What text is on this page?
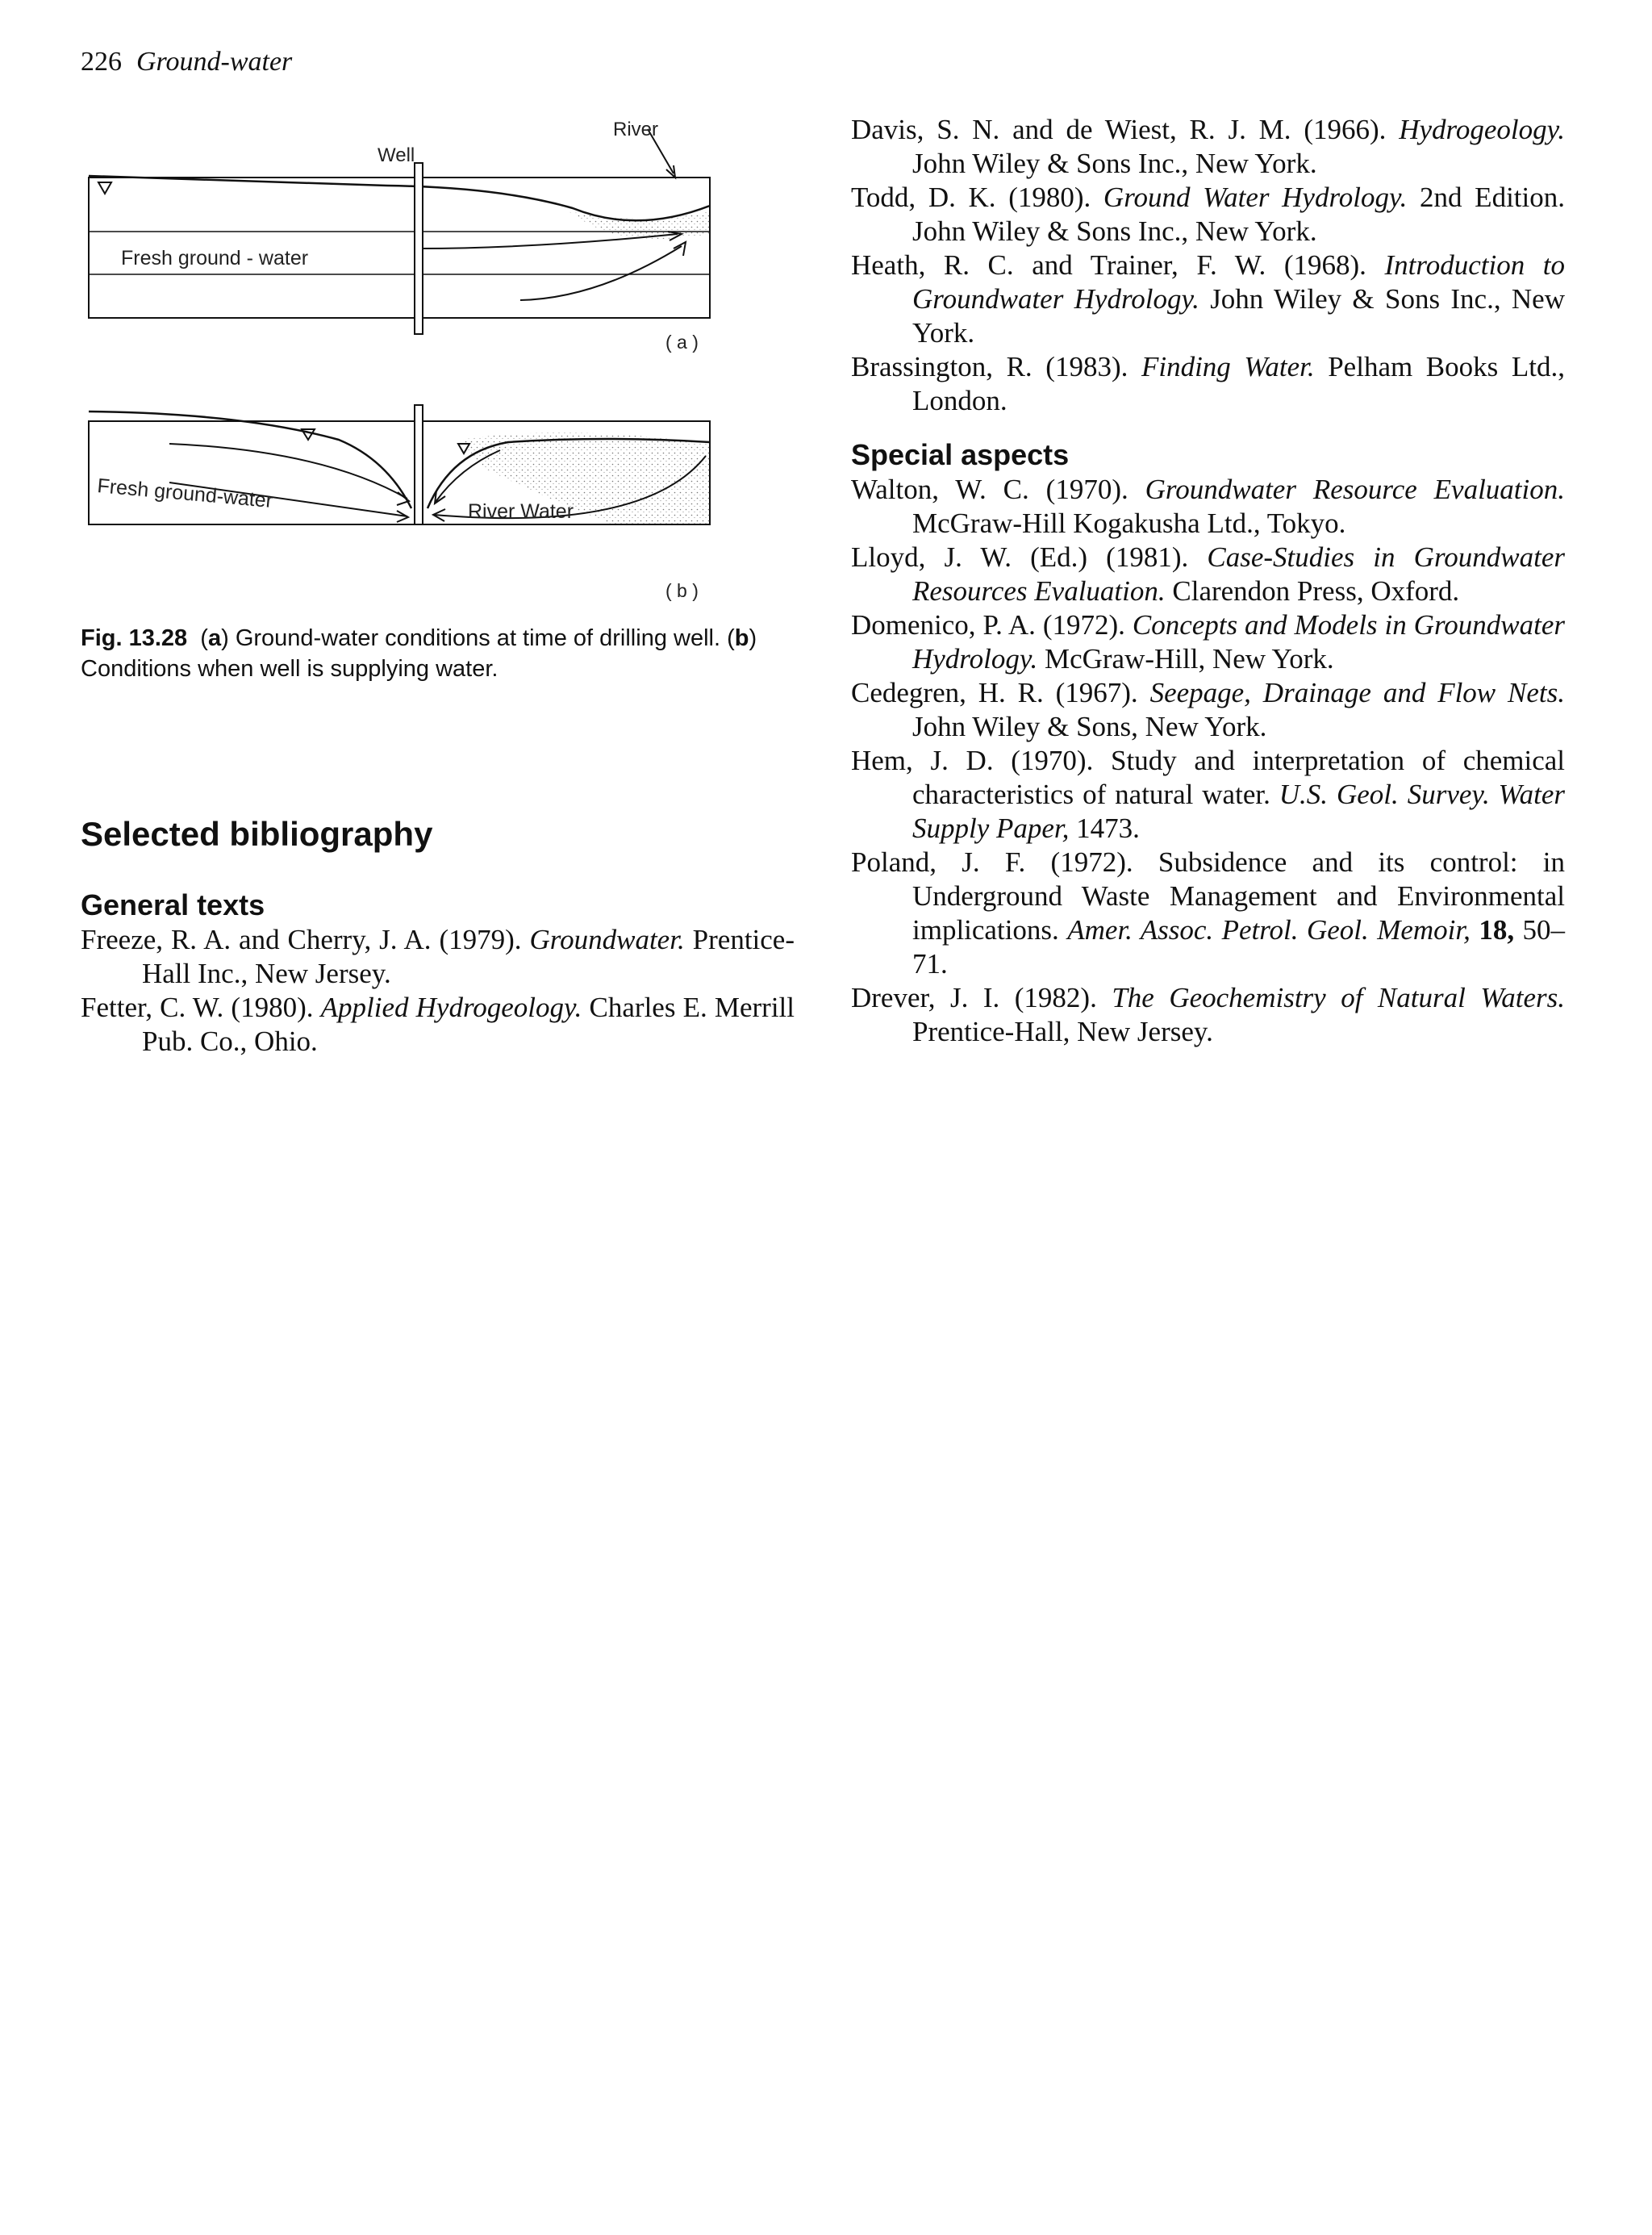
226 Ground-water
Well
River
Fresh ground - water
( a )
Fresh ground-water	River Water
( b )
Fig. 13.28  (a) Ground-water conditions at time of drilling well. (b) Conditions when well is supplying water.
Selected bibliography
General texts

Freeze, R. A. and Cherry, J. A. (1979). Groundwater. Prentice-Hall Inc., New Jersey.

Fetter, C. W. (1980). Applied Hydrogeology. Charles E. Merrill Pub. Co., Ohio.

Davis, S. N. and de Wiest, R. J. M. (1966). Hydrogeology. John Wiley & Sons Inc., New York.

Todd, D. K. (1980). Ground Water Hydrology. 2nd Edition. John Wiley & Sons Inc., New York.

Heath, R. C. and Trainer, F. W. (1968). Introduction to Groundwater Hydrology. John Wiley & Sons Inc., New York.

Brassington, R. (1983). Finding Water. Pelham Books Ltd., London.

Special aspects

Walton, W. C. (1970). Groundwater Resource Evaluation. McGraw-Hill Kogakusha Ltd., Tokyo.

Lloyd, J. W. (Ed.) (1981). Case-Studies in Groundwater Resources Evaluation. Clarendon Press, Oxford.

Domenico, P. A. (1972). Concepts and Models in Groundwater Hydrology. McGraw-Hill, New York.

Cedegren, H. R. (1967). Seepage, Drainage and Flow Nets. John Wiley & Sons, New York.

Hem, J. D. (1970). Study and interpretation of chemical characteristics of natural water. U.S. Geol. Survey. Water Supply Paper, 1473.

Poland, J. F. (1972). Subsidence and its control: in Underground Waste Management and Environmental implications. Amer. Assoc. Petrol. Geol. Memoir, 18, 50–71.

Drever, J. I. (1982). The Geochemistry of Natural Waters. Prentice-Hall, New Jersey.
